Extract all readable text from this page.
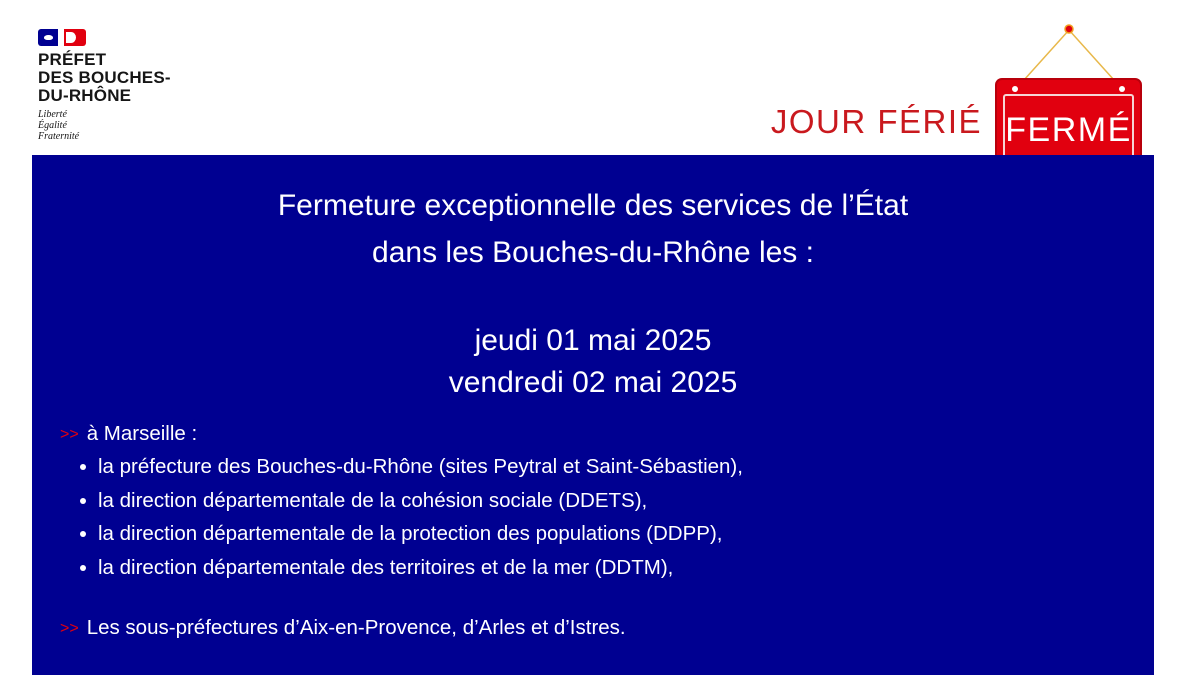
PRÉFET
DES BOUCHES-
DU-RHÔNE
Liberté
Égalité
Fraternité	JOUR FÉRIÉ FERMÉ
Fermeture exceptionnelle des services de l’État
dans les Bouches-du-Rhône les :
jeudi 01 mai 2025
vendredi 02 mai 2025
>> à Marseille :
la préfecture des Bouches-du-Rhône (sites Peytral et Saint-Sébastien),
la direction départementale de la cohésion sociale (DDETS),
la direction départementale de la protection des populations (DDPP),
la direction départementale des territoires et de la mer (DDTM),
>> Les sous-préfectures d’Aix-en-Provence, d’Arles et d’Istres.
